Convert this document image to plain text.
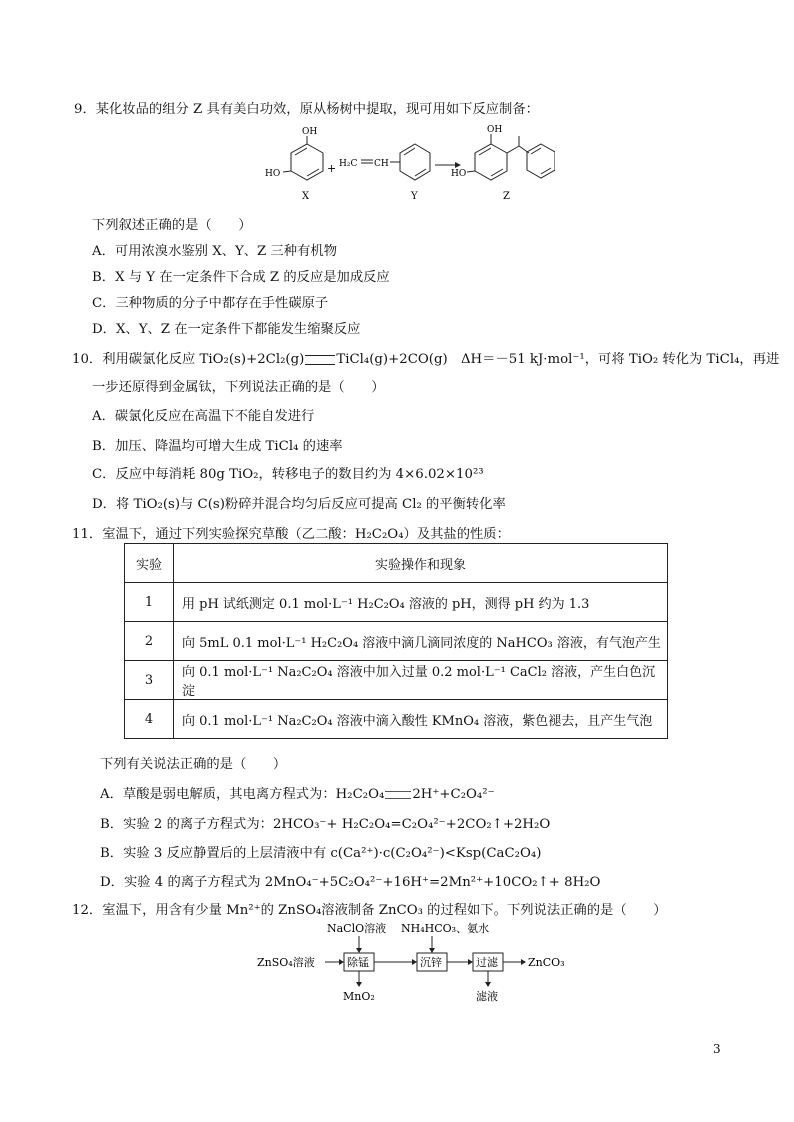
9．某化妆品的组分 Z 具有美白功效，原从杨树中提取，现可用如下反应制备：
OH
HO
X
+ H₂C CH
Y
OH
HO
Z
下列叙述正确的是（　　）
A．可用浓溴水鉴别 X、Y、Z 三种有机物
B．X 与 Y 在一定条件下合成 Z 的反应是加成反应
C．三种物质的分子中都存在手性碳原子
D．X、Y、Z 在一定条件下都能发生缩聚反应
10．利用碳氯化反应 TiO₂(s)+2Cl₂(g) TiCl₄(g)+2CO(g)　ΔH＝－51 kJ·mol⁻¹，可将 TiO₂ 转化为 TiCl₄，再进
一步还原得到金属钛，下列说法正确的是（　　）
A．碳氯化反应在高温下不能自发进行
B．加压、降温均可增大生成 TiCl₄ 的速率
C．反应中每消耗 80g TiO₂，转移电子的数目约为 4×6.02×10²³
D．将 TiO₂(s)与 C(s)粉碎并混合均匀后反应可提高 Cl₂ 的平衡转化率
11．室温下，通过下列实验探究草酸（乙二酸：H₂C₂O₄）及其盐的性质：
实验	实验操作和现象
1	用 pH 试纸测定 0.1 mol·L⁻¹ H₂C₂O₄ 溶液的 pH，测得 pH 约为 1.3
2	向 5mL 0.1 mol·L⁻¹ H₂C₂O₄ 溶液中滴几滴同浓度的 NaHCO₃ 溶液，有气泡产生
3	向 0.1 mol·L⁻¹ Na₂C₂O₄ 溶液中加入过量 0.2 mol·L⁻¹ CaCl₂ 溶液，产生白色沉淀
4	向 0.1 mol·L⁻¹ Na₂C₂O₄ 溶液中滴入酸性 KMnO₄ 溶液，紫色褪去，且产生气泡
下列有关说法正确的是（　　）
A．草酸是弱电解质，其电离方程式为：H₂C₂O₄ 2H⁺+C₂O₄²⁻
B．实验 2 的离子方程式为：2HCO₃⁻+ H₂C₂O₄=C₂O₄²⁻+2CO₂↑+2H₂O
B．实验 3 反应静置后的上层清液中有 c(Ca²⁺)·c(C₂O₄²⁻)<Ksp(CaC₂O₄)
D．实验 4 的离子方程式为 2MnO₄⁻+5C₂O₄²⁻+16H⁺=2Mn²⁺+10CO₂↑+ 8H₂O
12．室温下，用含有少量 Mn²⁺的 ZnSO₄溶液制备 ZnCO₃ 的过程如下。下列说法正确的是（　　）
NaClO溶液 NH₄HCO₃、氨水
ZnSO₄溶液	除锰
MnO₂
沉锌	过滤
滤液
ZnCO₃
3
